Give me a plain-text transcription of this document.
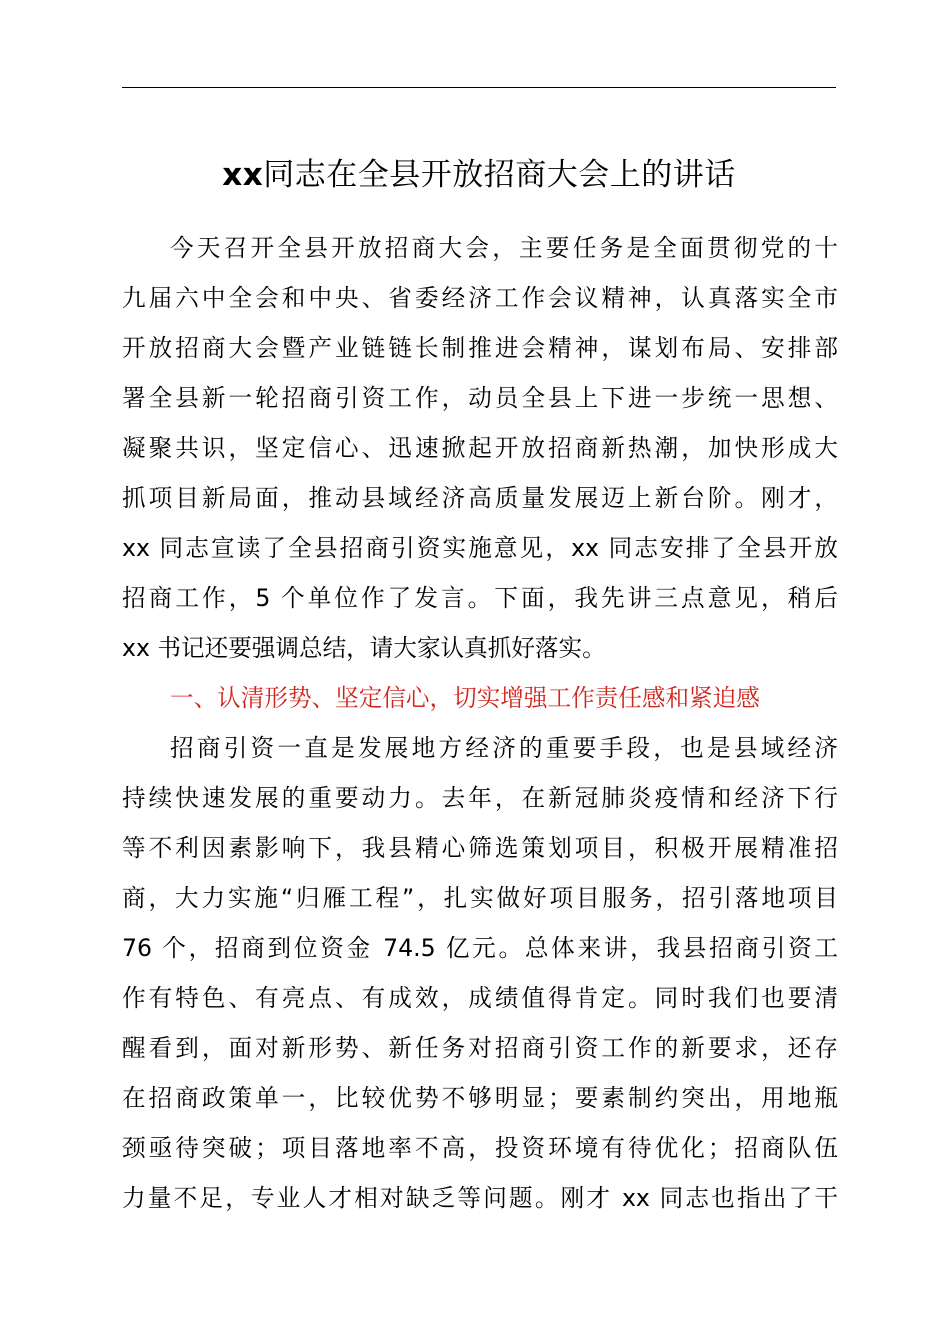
xx同志在全县开放招商大会上的讲话
今天召开全县开放招商大会，主要任务是全面贯彻党的十
九届六中全会和中央、省委经济工作会议精神，认真落实全市
开放招商大会暨产业链链长制推进会精神，谋划布局、安排部
署全县新一轮招商引资工作，动员全县上下进一步统一思想、
凝聚共识，坚定信心、迅速掀起开放招商新热潮，加快形成大
抓项目新局面，推动县域经济高质量发展迈上新台阶。刚才，
xx 同志宣读了全县招商引资实施意见，xx 同志安排了全县开放
招商工作，5 个单位作了发言。下面，我先讲三点意见，稍后
xx 书记还要强调总结，请大家认真抓好落实。
一、认清形势、坚定信心，切实增强工作责任感和紧迫感
招商引资一直是发展地方经济的重要手段，也是县域经济
持续快速发展的重要动力。去年，在新冠肺炎疫情和经济下行
等不利因素影响下，我县精心筛选策划项目，积极开展精准招
商，大力实施“归雁工程”，扎实做好项目服务，招引落地项目
76 个，招商到位资金 74.5 亿元。总体来讲，我县招商引资工
作有特色、有亮点、有成效，成绩值得肯定。同时我们也要清
醒看到，面对新形势、新任务对招商引资工作的新要求，还存
在招商政策单一，比较优势不够明显；要素制约突出，用地瓶
颈亟待突破；项目落地率不高，投资环境有待优化；招商队伍
力量不足，专业人才相对缺乏等问题。刚才 xx 同志也指出了干
